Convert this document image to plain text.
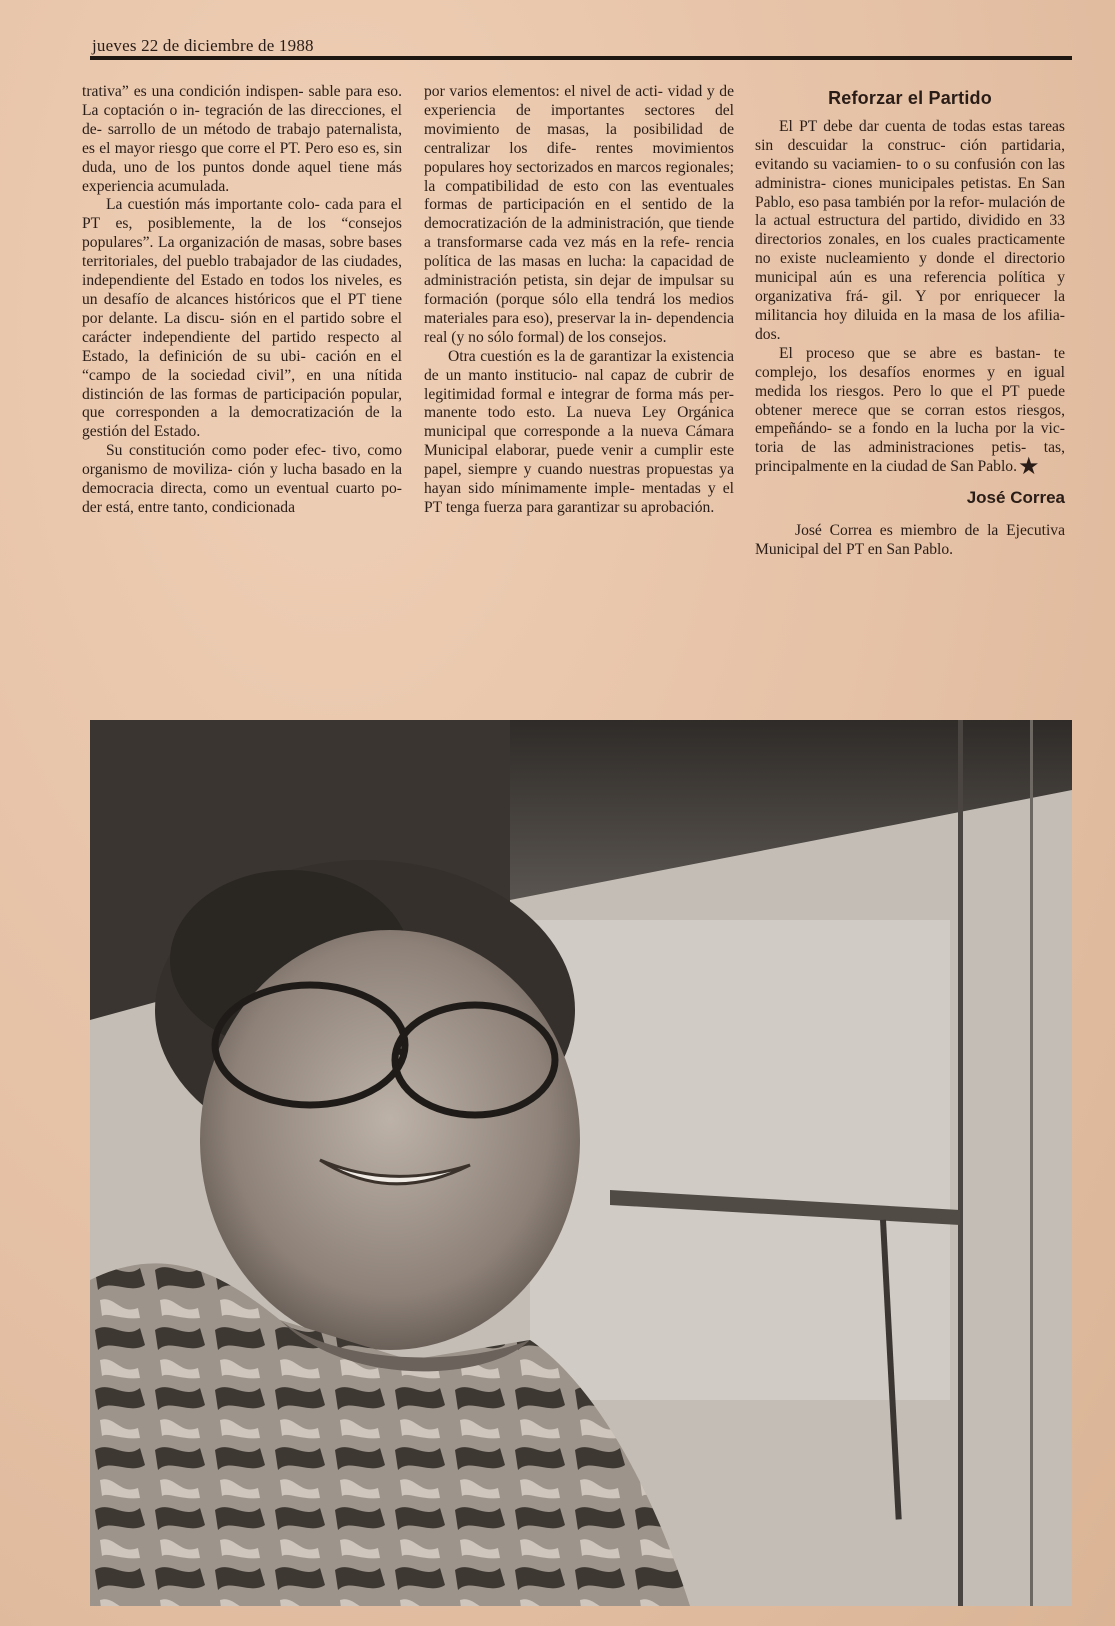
jueves 22 de diciembre de 1988

trativa” es una condición indispen- sable para eso. La coptación o in- tegración de las direcciones, el de- sarrollo de un método de trabajo paternalista, es el mayor riesgo que corre el PT. Pero eso es, sin duda, uno de los puntos donde aquel tiene más experiencia acumulada.

La cuestión más importante colo- cada para el PT es, posiblemente, la de los “consejos populares”. La organización de masas, sobre bases territoriales, del pueblo trabajador de las ciudades, independiente del Estado en todos los niveles, es un desafío de alcances históricos que el PT tiene por delante. La discu- sión en el partido sobre el carácter independiente del partido respecto al Estado, la definición de su ubi- cación en el “campo de la sociedad civil”, en una nítida distinción de las formas de participación popular, que corresponden a la democratización de la gestión del Estado.

Su constitución como poder efec- tivo, como organismo de moviliza- ción y lucha basado en la democracia directa, como un eventual cuarto po- der está, entre tanto, condicionada

por varios elementos: el nivel de acti- vidad y de experiencia de importantes sectores del movimiento de masas, la posibilidad de centralizar los dife- rentes movimientos populares hoy sectorizados en marcos regionales; la compatibilidad de esto con las eventuales formas de participación en el sentido de la democratización de la administración, que tiende a transformarse cada vez más en la refe- rencia política de las masas en lucha: la capacidad de administración petista, sin dejar de impulsar su formación (porque sólo ella tendrá los medios materiales para eso), preservar la in- dependencia real (y no sólo formal) de los consejos.

Otra cuestión es la de garantizar la existencia de un manto institucio- nal capaz de cubrir de legitimidad formal e integrar de forma más per- manente todo esto. La nueva Ley Orgánica municipal que corresponde a la nueva Cámara Municipal elaborar, puede venir a cumplir este papel, siempre y cuando nuestras propuestas ya hayan sido mínimamente imple- mentadas y el PT tenga fuerza para garantizar su aprobación.

Reforzar el Partido

El PT debe dar cuenta de todas estas tareas sin descuidar la construc- ción partidaria, evitando su vaciamien- to o su confusión con las administra- ciones municipales petistas. En San Pablo, eso pasa también por la refor- mulación de la actual estructura del partido, dividido en 33 directorios zonales, en los cuales practicamente no existe nucleamiento y donde el directorio municipal aún es una referencia política y organizativa frá- gil. Y por enriquecer la militancia hoy diluida en la masa de los afilia- dos.

El proceso que se abre es bastan- te complejo, los desafíos enormes y en igual medida los riesgos. Pero lo que el PT puede obtener merece que se corran estos riesgos, empeñándo- se a fondo en la lucha por la vic- toria de las administraciones petis- tas, principalmente en la ciudad de San Pablo.★

José Correa

José Correa es miembro de la Ejecutiva Municipal del PT en San Pablo.
